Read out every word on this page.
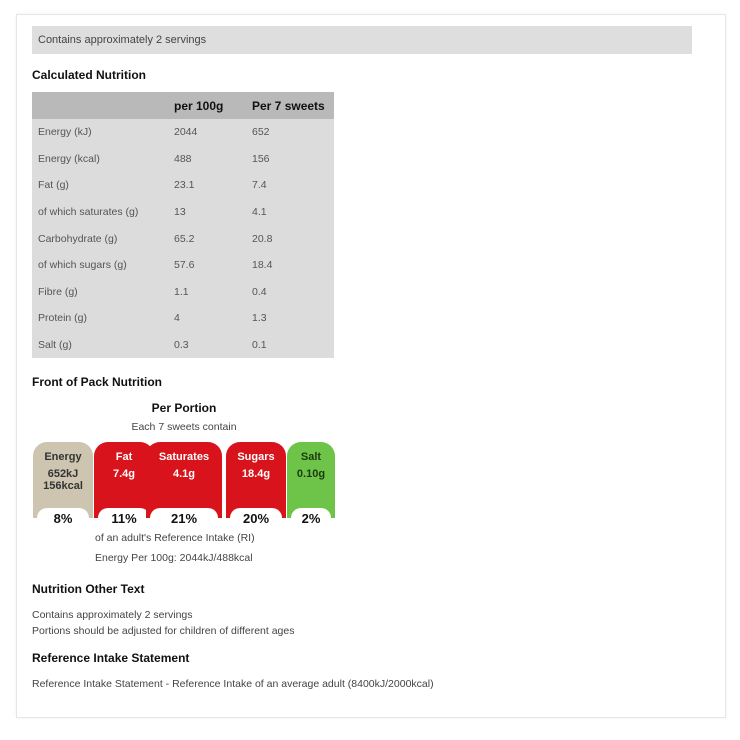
Contains approximately 2 servings
Calculated Nutrition
	per 100g	Per 7 sweets
Energy (kJ)	2044	652
Energy (kcal)	488	156
Fat (g)	23.1	7.4
of which saturates (g)	13	4.1
Carbohydrate (g)	65.2	20.8
of which sugars (g)	57.6	18.4
Fibre (g)	1.1	0.4
Protein (g)	4	1.3
Salt (g)	0.3	0.1
Front of Pack Nutrition
Per Portion
Each 7 sweets contain
Energy
652kJ
156kcal
8%
Fat
7.4g
11%
Saturates
4.1g
21%
Sugars
18.4g
20%
Salt
0.10g
2%
of an adult's Reference Intake (RI)
Energy Per 100g: 2044kJ/488kcal
Nutrition Other Text
Contains approximately 2 servings
Portions should be adjusted for children of different ages
Reference Intake Statement
Reference Intake Statement - Reference Intake of an average adult (8400kJ/2000kcal)
